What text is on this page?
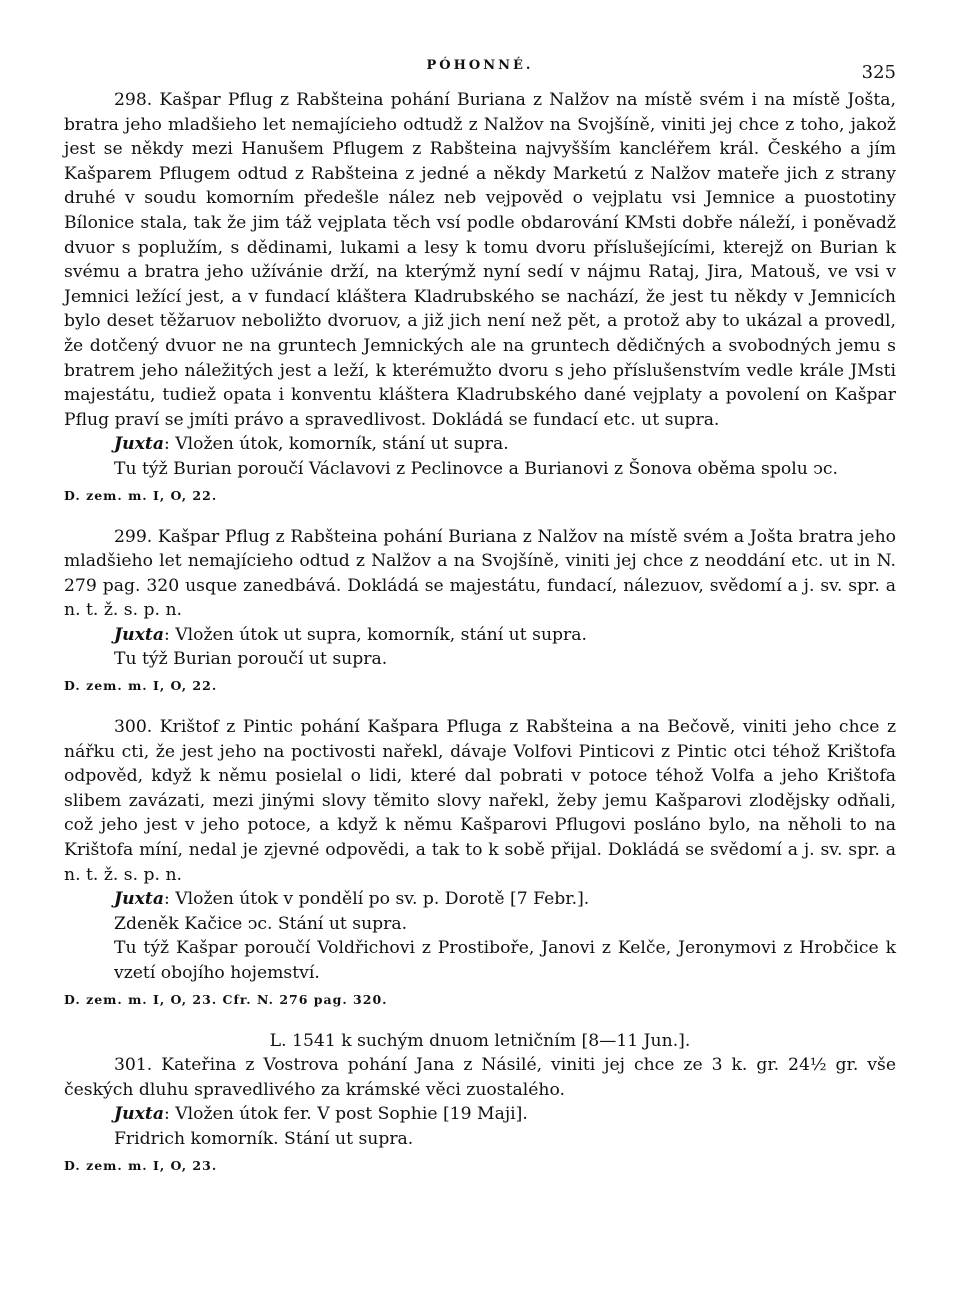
PÓHONNÉ.	325

298. Kašpar Pflug z Rabšteina pohání Buriana z Nalžov na místě svém i na místě Jošta, bratra jeho mladšieho let nemajícieho odtudž z Nalžov na Svojšíně, viniti jej chce z toho, jakož jest se někdy mezi Hanušem Pflugem z Rabšteina najvyšším kancléřem král. Českého a jím Kašparem Pflugem odtud z Rabšteina z jedné a někdy Marketú z Nalžov mateře jich z strany druhé v soudu komorním předešle nález neb vejpověd o vejplatu vsi Jemnice a puostotiny Bílonice stala, tak že jim táž vejplata těch vsí podle obdarování KMsti dobře náleží, i poněvadž dvuor s poplužím, s dědinami, lukami a lesy k tomu dvoru příslušejícími, kterejž on Burian k svému a bratra jeho užívánie drží, na kterýmž nyní sedí v nájmu Rataj, Jira, Matouš, ve vsi v Jemnici ležící jest, a v fundací kláštera Kladrubského se nachází, že jest tu někdy v Jemnicích bylo deset těžaruov neboližto dvoruov, a již jich není než pět, a protož aby to ukázal a provedl, že dotčený dvuor ne na gruntech Jemnických ale na gruntech dědičných a svobodných jemu s bratrem jeho náležitých jest a leží, k kterémužto dvoru s jeho příslušenstvím vedle krále JMsti majestátu, tudiež opata i konventu kláštera Kladrubského dané vejplaty a povolení on Kašpar Pflug praví se jmíti právo a spravedlivost. Dokládá se fundací etc. ut supra.

Juxta: Vložen útok, komorník, stání ut supra.

Tu týž Burian poroučí Václavovi z Peclinovce a Burianovi z Šonova oběma spolu ↄc.

D. zem. m. I, O, 22.

299. Kašpar Pflug z Rabšteina pohání Buriana z Nalžov na místě svém a Jošta bratra jeho mladšieho let nemajícieho odtud z Nalžov a na Svojšíně, viniti jej chce z neoddání etc. ut in N. 279 pag. 320 usque zanedbává. Dokládá se majestátu, fundací, nálezuov, svědomí a j. sv. spr. a n. t. ž. s. p. n.

Juxta: Vložen útok ut supra, komorník, stání ut supra.

Tu týž Burian poroučí ut supra.

D. zem. m. I, O, 22.

300. Krištof z Pintic pohání Kašpara Pfluga z Rabšteina a na Bečově, viniti jeho chce z nářku cti, že jest jeho na poctivosti nařekl, dávaje Volfovi Pinticovi z Pintic otci téhož Krištofa odpověd, když k němu posielal o lidi, které dal pobrati v potoce téhož Volfa a jeho Krištofa slibem zavázati, mezi jinými slovy těmito slovy nařekl, žeby jemu Kašparovi zlodějsky odňali, což jeho jest v jeho potoce, a když k němu Kašparovi Pflugovi posláno bylo, na něholi to na Krištofa míní, nedal je zjevné odpovědi, a tak to k sobě přijal. Dokládá se svědomí a j. sv. spr. a n. t. ž. s. p. n.

Juxta: Vložen útok v pondělí po sv. p. Dorotě [7 Febr.].

Zdeněk Kačice ↄc. Stání ut supra.

Tu týž Kašpar poroučí Voldřichovi z Prostiboře, Janovi z Kelče, Jeronymovi z Hrobčice k vzetí obojího hojemství.

D. zem. m. I, O, 23. Cfr. N. 276 pag. 320.
L. 1541 k suchým dnuom letničním [8—11 Jun.].

301. Kateřina z Vostrova pohání Jana z Násilé, viniti jej chce ze 3 k. gr. 24½ gr. vše českých dluhu spravedlivého za krámské věci zuostalého.

Juxta: Vložen útok fer. V post Sophie [19 Maji].

Fridrich komorník. Stání ut supra.

D. zem. m. I, O, 23.
